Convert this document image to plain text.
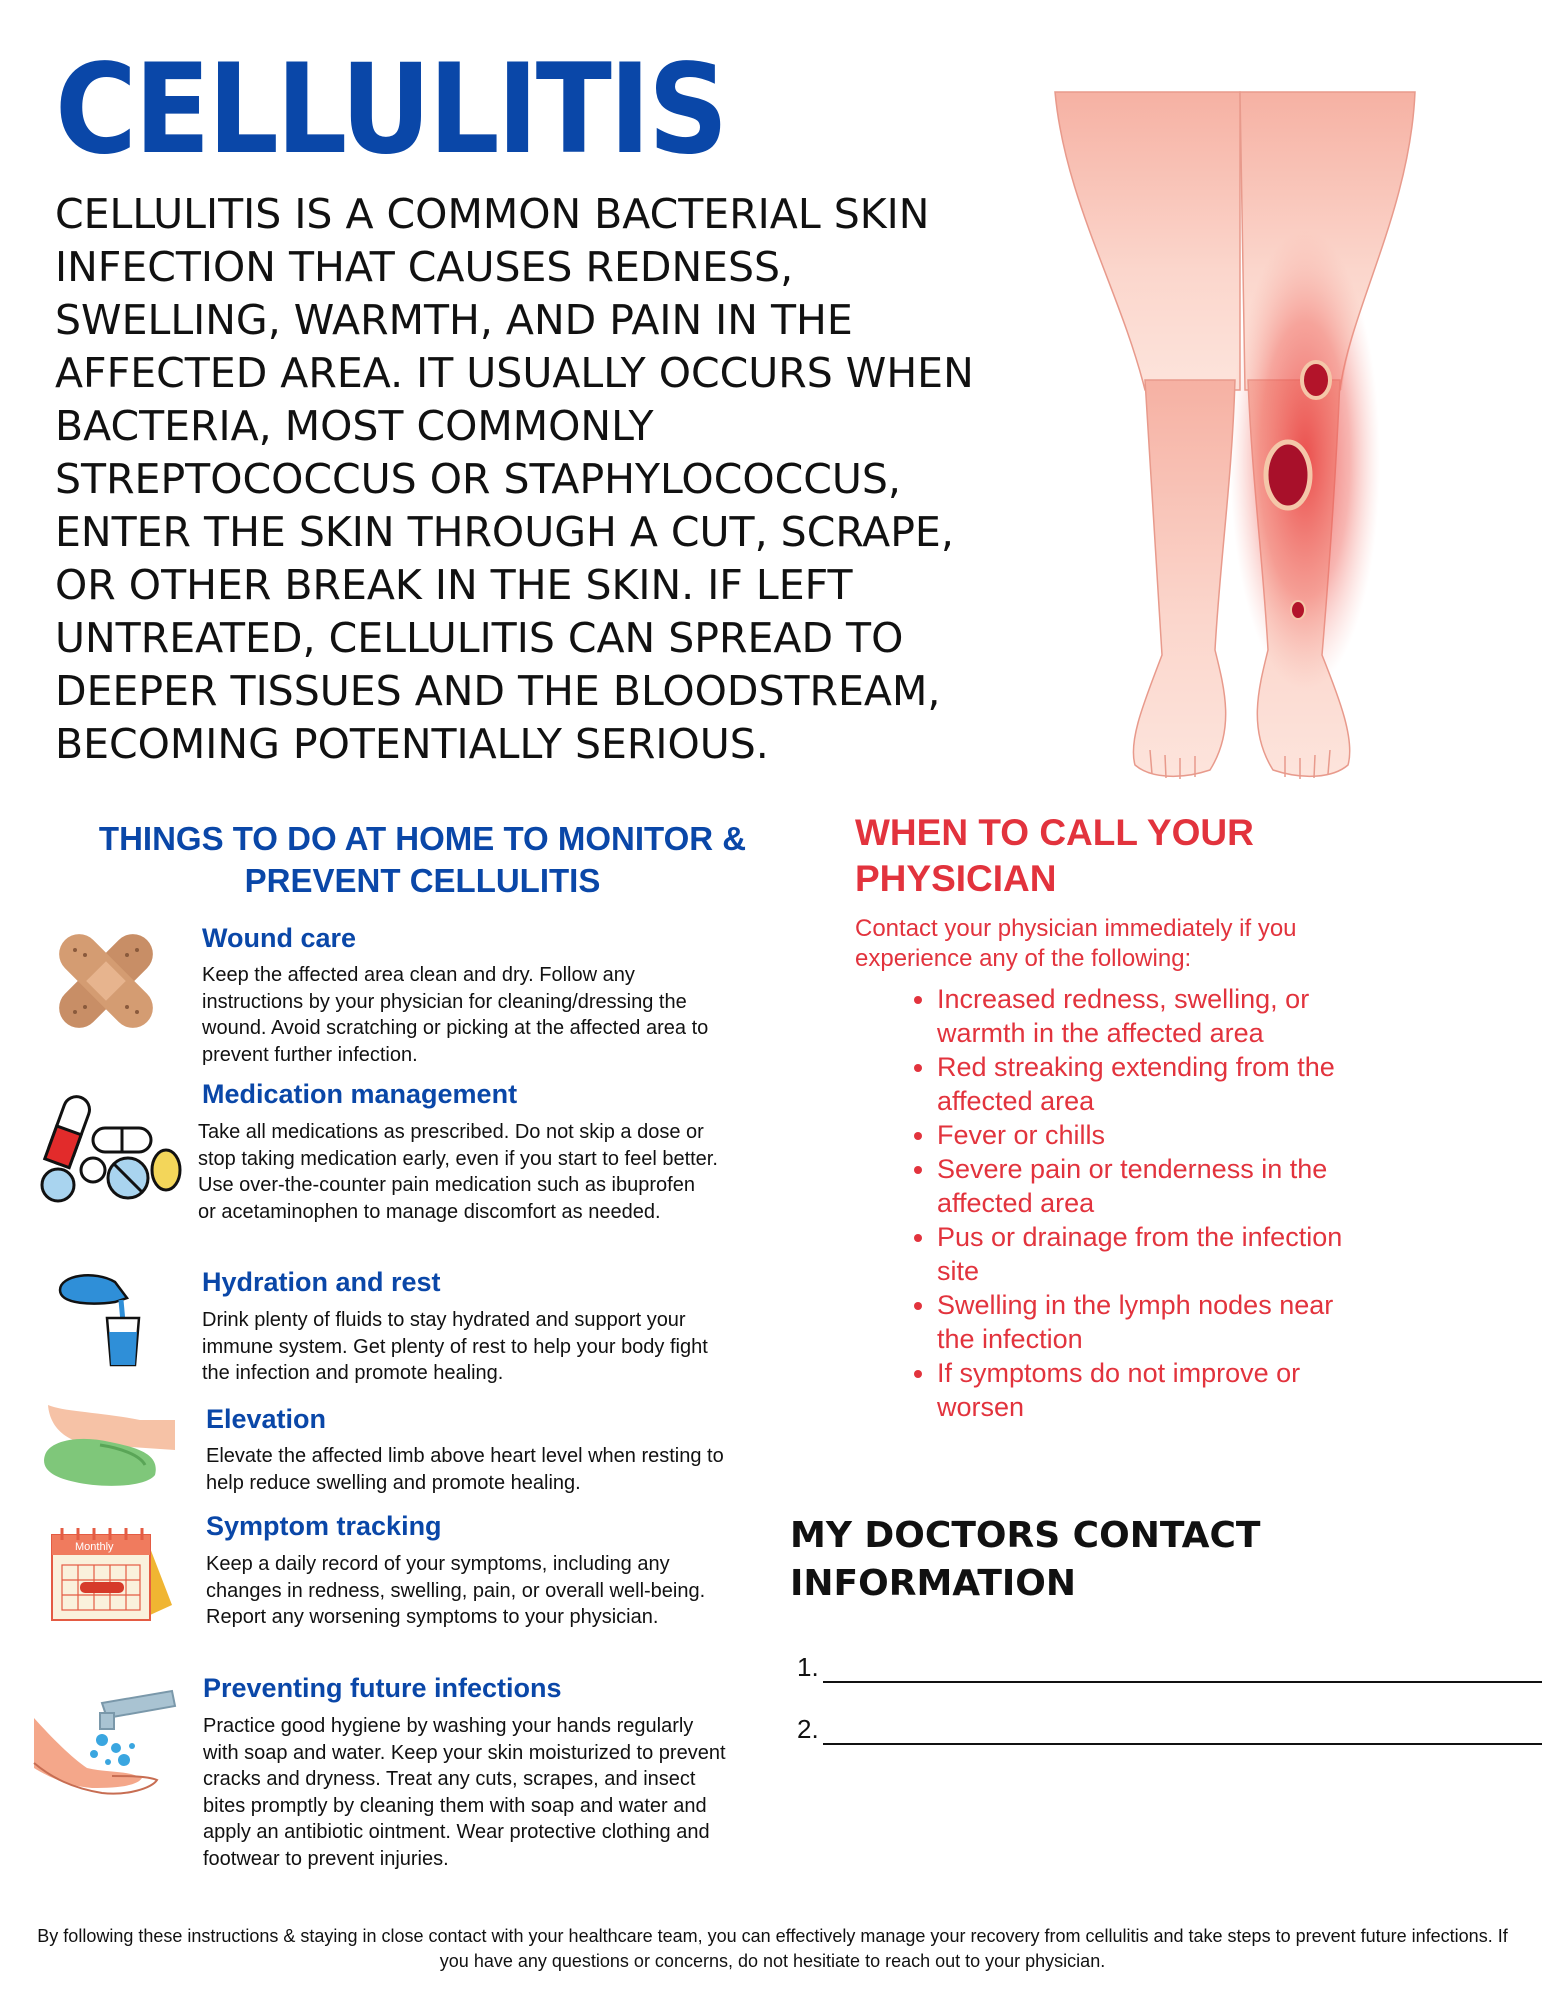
CELLULITIS

CELLULITIS IS A COMMON BACTERIAL SKIN INFECTION THAT CAUSES REDNESS, SWELLING, WARMTH, AND PAIN IN THE AFFECTED AREA. IT USUALLY OCCURS WHEN BACTERIA, MOST COMMONLY STREPTOCOCCUS OR STAPHYLOCOCCUS, ENTER THE SKIN THROUGH A CUT, SCRAPE, OR OTHER BREAK IN THE SKIN. IF LEFT UNTREATED, CELLULITIS CAN SPREAD TO DEEPER TISSUES AND THE BLOODSTREAM, BECOMING POTENTIALLY SERIOUS.

THINGS TO DO AT HOME TO MONITOR & PREVENT CELLULITIS
Wound care

Keep the affected area clean and dry. Follow any instructions by your physician for cleaning/dressing the wound. Avoid scratching or picking at the affected area to prevent further infection.

Medication management

Take all medications as prescribed. Do not skip a dose or stop taking medication early, even if you start to feel better. Use over-the-counter pain medication such as ibuprofen or acetaminophen to manage discomfort as needed.

Hydration and rest

Drink plenty of fluids to stay hydrated and support your immune system. Get plenty of rest to help your body fight the infection and promote healing.

Elevation

Elevate the affected limb above heart level when resting to help reduce swelling and promote healing.

Monthly
Symptom tracking

Keep a daily record of your symptoms, including any changes in redness, swelling, pain, or overall well-being. Report any worsening symptoms to your physician.

Preventing future infections

Practice good hygiene by washing your hands regularly with soap and water. Keep your skin moisturized to prevent cracks and dryness. Treat any cuts, scrapes, and insect bites promptly by cleaning them with soap and water and apply an antibiotic ointment. Wear protective clothing and footwear to prevent injuries.

WHEN TO CALL YOUR PHYSICIAN

Contact your physician immediately if you experience any of the following:

• Increased redness, swelling, or warmth in the affected area
• Red streaking extending from the affected area
• Fever or chills
• Severe pain or tenderness in the affected area
• Pus or drainage from the infection site
• Swelling in the lymph nodes near the infection
• If symptoms do not improve or worsen
MY DOCTORS CONTACT INFORMATION
1.
2.

By following these instructions & staying in close contact with your healthcare team, you can effectively manage your recovery from cellulitis and take steps to prevent future infections. If you have any questions or concerns, do not hesitiate to reach out to your physician.
